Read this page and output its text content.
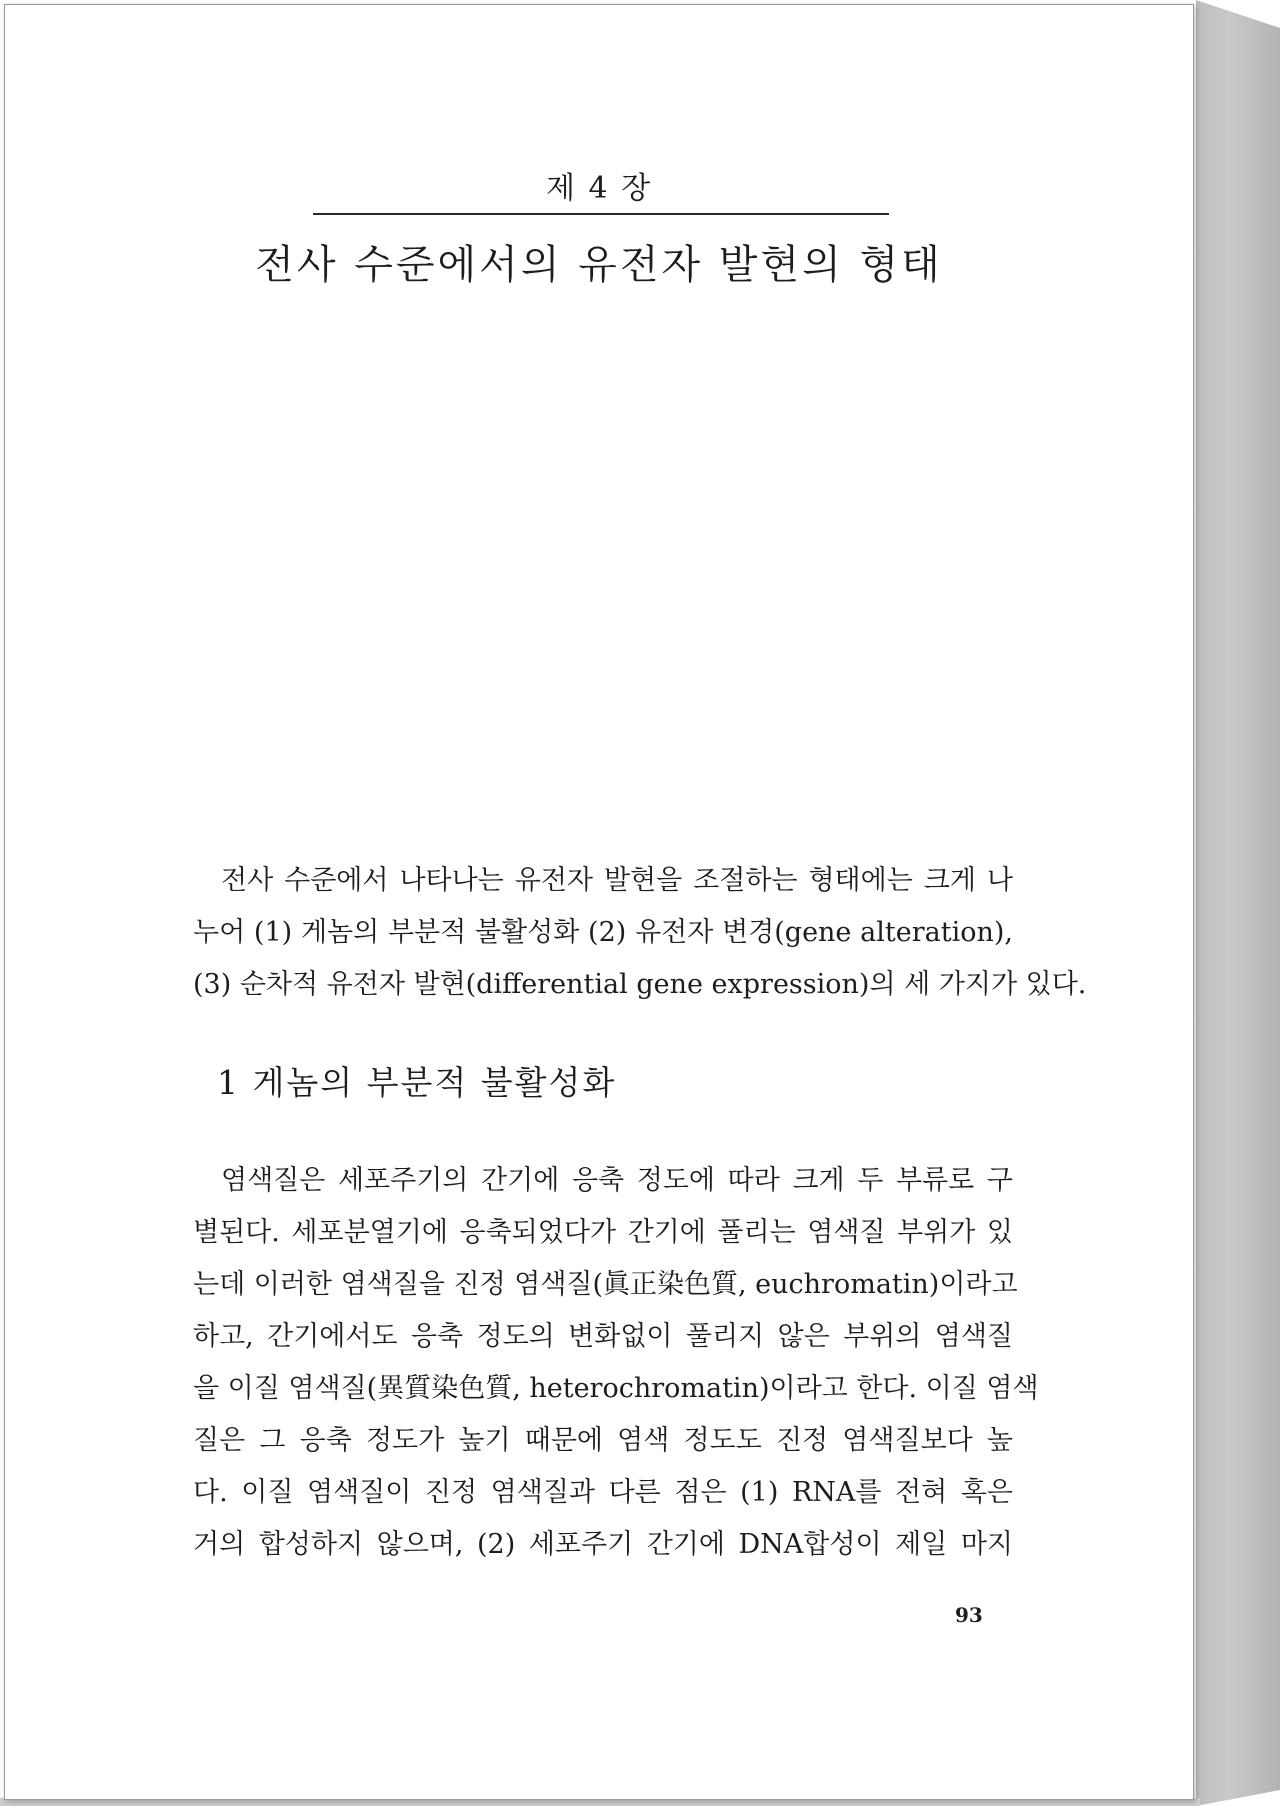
제 4 장
전사 수준에서의 유전자 발현의 형태

전사 수준에서 나타나는 유전자 발현을 조절하는 형태에는 크게 나
누어 (1) 게놈의 부분적 불활성화 (2) 유전자 변경(gene alteration),
(3) 순차적 유전자 발현(differential gene expression)의 세 가지가 있다.

1 게놈의 부분적 불활성화

염색질은 세포주기의 간기에 응축 정도에 따라 크게 두 부류로 구
별된다. 세포분열기에 응축되었다가 간기에 풀리는 염색질 부위가 있
는데 이러한 염색질을 진정 염색질(眞正染色質, euchromatin)이라고
하고, 간기에서도 응축 정도의 변화없이 풀리지 않은 부위의 염색질
을 이질 염색질(異質染色質, heterochromatin)이라고 한다. 이질 염색
질은 그 응축 정도가 높기 때문에 염색 정도도 진정 염색질보다 높
다. 이질 염색질이 진정 염색질과 다른 점은 (1) RNA를 전혀 혹은
거의 합성하지 않으며, (2) 세포주기 간기에 DNA합성이 제일 마지

93
